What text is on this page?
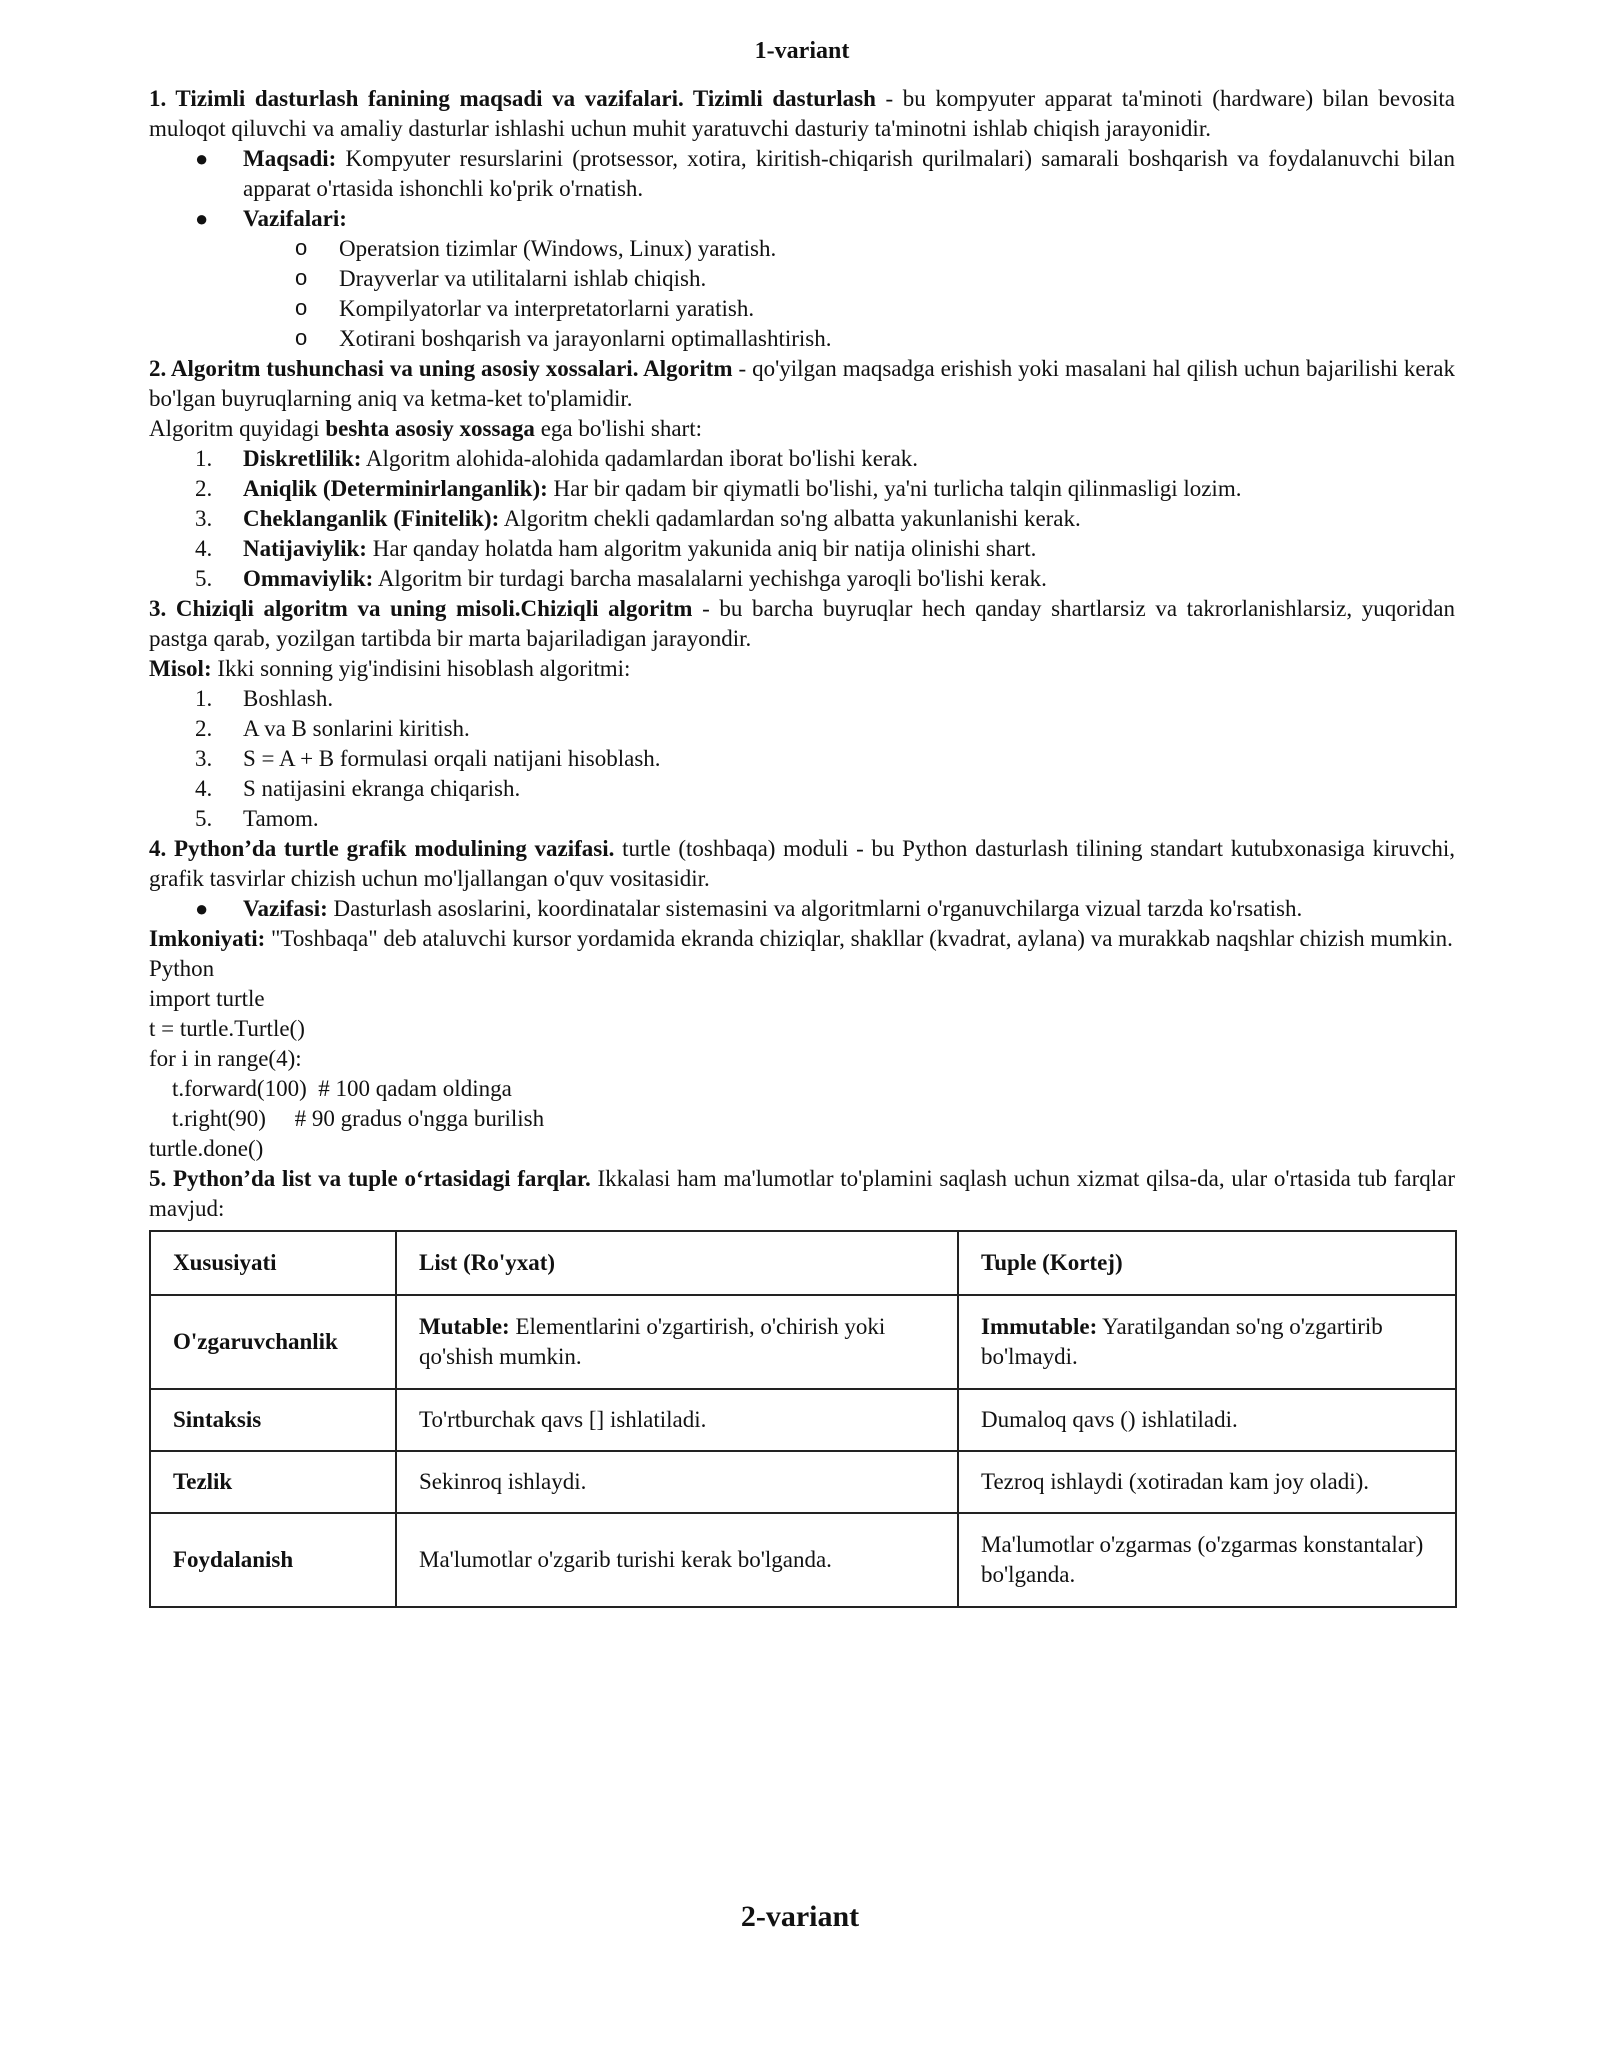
1-variant

1. Tizimli dasturlash fanining maqsadi va vazifalari. Tizimli dasturlash - bu kompyuter apparat ta'minoti (hardware) bilan bevosita muloqot qiluvchi va amaliy dasturlar ishlashi uchun muhit yaratuvchi dasturiy ta'minotni ishlab chiqish jarayonidir.

● Maqsadi: Kompyuter resurslarini (protsessor, xotira, kiritish-chiqarish qurilmalari) samarali boshqarish va foydalanuvchi bilan apparat o'rtasida ishonchli ko'prik o'rnatish.
● Vazifalari:
o Operatsion tizimlar (Windows, Linux) yaratish.
o Drayverlar va utilitalarni ishlab chiqish.
o Kompilyatorlar va interpretatorlarni yaratish.
o Xotirani boshqarish va jarayonlarni optimallashtirish.

2. Algoritm tushunchasi va uning asosiy xossalari. Algoritm - qo'yilgan maqsadga erishish yoki masalani hal qilish uchun bajarilishi kerak bo'lgan buyruqlarning aniq va ketma-ket to'plamidir.

Algoritm quyidagi beshta asosiy xossaga ega bo'lishi shart:

1. Diskretlilik: Algoritm alohida-alohida qadamlardan iborat bo'lishi kerak.
2. Aniqlik (Determinirlanganlik): Har bir qadam bir qiymatli bo'lishi, ya'ni turlicha talqin qilinmasligi lozim.
3. Cheklanganlik (Finitelik): Algoritm chekli qadamlardan so'ng albatta yakunlanishi kerak.
4. Natijaviylik: Har qanday holatda ham algoritm yakunida aniq bir natija olinishi shart.
5. Ommaviylik: Algoritm bir turdagi barcha masalalarni yechishga yaroqli bo'lishi kerak.

3. Chiziqli algoritm va uning misoli.Chiziqli algoritm - bu barcha buyruqlar hech qanday shartlarsiz va takrorlanishlarsiz, yuqoridan pastga qarab, yozilgan tartibda bir marta bajariladigan jarayondir.

Misol: Ikki sonning yig'indisini hisoblash algoritmi:

1. Boshlash.
2. A va B sonlarini kiritish.
3. S = A + B formulasi orqali natijani hisoblash.
4. S natijasini ekranga chiqarish.
5. Tamom.

4. Python’da turtle grafik modulining vazifasi. turtle (toshbaqa) moduli - bu Python dasturlash tilining standart kutubxonasiga kiruvchi, grafik tasvirlar chizish uchun mo'ljallangan o'quv vositasidir.

● Vazifasi: Dasturlash asoslarini, koordinatalar sistemasini va algoritmlarni o'rganuvchilarga vizual tarzda ko'rsatish.

Imkoniyati: "Toshbaqa" deb ataluvchi kursor yordamida ekranda chiziqlar, shakllar (kvadrat, aylana) va murakkab naqshlar chizish mumkin.

Python
import turtle
t = turtle.Turtle()
for i in range(4):
t.forward(100)  # 100 qadam oldinga
t.right(90)     # 90 gradus o'ngga burilish
turtle.done()

5. Python’da list va tuple o‘rtasidagi farqlar. Ikkalasi ham ma'lumotlar to'plamini saqlash uchun xizmat qilsa-da, ular o'rtasida tub farqlar mavjud:

Xususiyati	List (Ro'yxat)	Tuple (Kortej)
O'zgaruvchanlik	Mutable: Elementlarini o'zgartirish, o'chirish yoki qo'shish mumkin.	Immutable: Yaratilgandan so'ng o'zgartirib bo'lmaydi.
Sintaksis	To'rtburchak qavs [] ishlatiladi.	Dumaloq qavs () ishlatiladi.
Tezlik	Sekinroq ishlaydi.	Tezroq ishlaydi (xotiradan kam joy oladi).
Foydalanish	Ma'lumotlar o'zgarib turishi kerak bo'lganda.	Ma'lumotlar o'zgarmas (o'zgarmas konstantalar) bo'lganda.
2-variant
